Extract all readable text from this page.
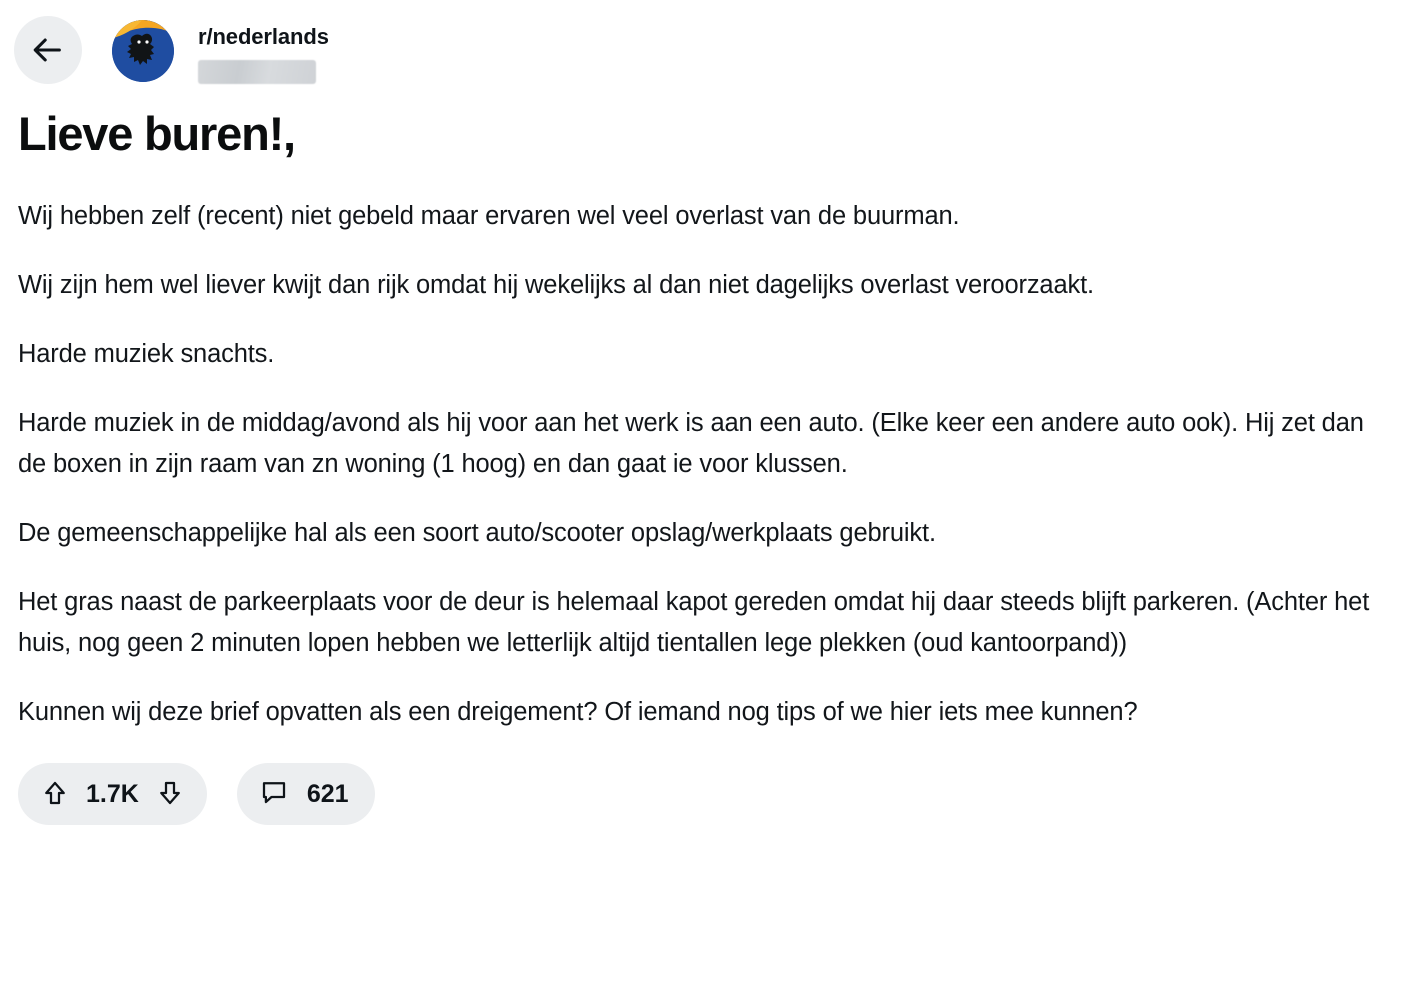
r/nederlands
Lieve buren!,

Wij hebben zelf (recent) niet gebeld maar ervaren wel veel overlast van de buurman.

Wij zijn hem wel liever kwijt dan rijk omdat hij wekelijks al dan niet dagelijks overlast veroorzaakt.

Harde muziek snachts.

Harde muziek in de middag/avond als hij voor aan het werk is aan een auto. (Elke keer een andere auto ook). Hij zet dan de boxen in zijn raam van zn woning (1 hoog) en dan gaat ie voor klussen.

De gemeenschappelijke hal als een soort auto/scooter opslag/werkplaats gebruikt.

Het gras naast de parkeerplaats voor de deur is helemaal kapot gereden omdat hij daar steeds blijft parkeren. (Achter het huis, nog geen 2 minuten lopen hebben we letterlijk altijd tientallen lege plekken (oud kantoorpand))

Kunnen wij deze brief opvatten als een dreigement? Of iemand nog tips of we hier iets mee kunnen?

1.7K	621
